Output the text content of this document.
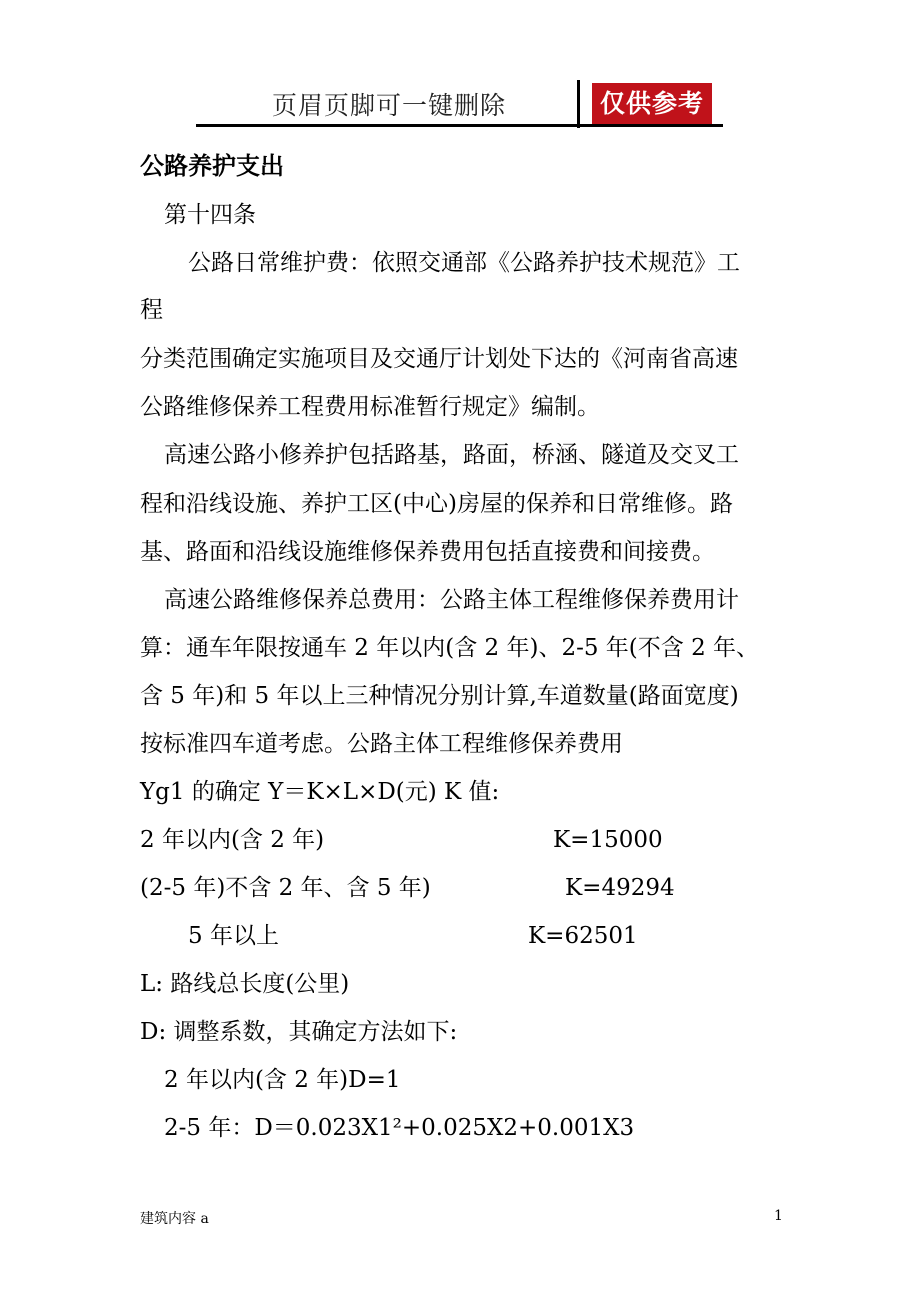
页眉页脚可一键删除	仅供参考
公路养护支出
第十四条
公路日常维护费：依照交通部《公路养护技术规范》工
程
分类范围确定实施项目及交通厅计划处下达的《河南省高速
公路维修保养工程费用标准暂行规定》编制。
高速公路小修养护包括路基，路面，桥涵、隧道及交叉工
程和沿线设施、养护工区(中心)房屋的保养和日常维修。路
基、路面和沿线设施维修保养费用包括直接费和间接费。
高速公路维修保养总费用：公路主体工程维修保养费用计
算：通车年限按通车 2 年以内(含 2 年)、2-5 年(不含 2 年、
含 5 年)和 5 年以上三种情况分别计算,车道数量(路面宽度)
按标准四车道考虑。公路主体工程维修保养费用
Yg1 的确定 Y＝K×L×D(元) K 值:
2 年以内(含 2 年)	K=15000
(2-5 年)不含 2 年、含 5 年)	K=49294
5 年以上	K=62501
L: 路线总长度(公里)
D: 调整系数，其确定方法如下:
2 年以内(含 2 年)D=1
2-5 年：D＝0.023X1²+0.025X2+0.001X3
建筑内容 a	1
